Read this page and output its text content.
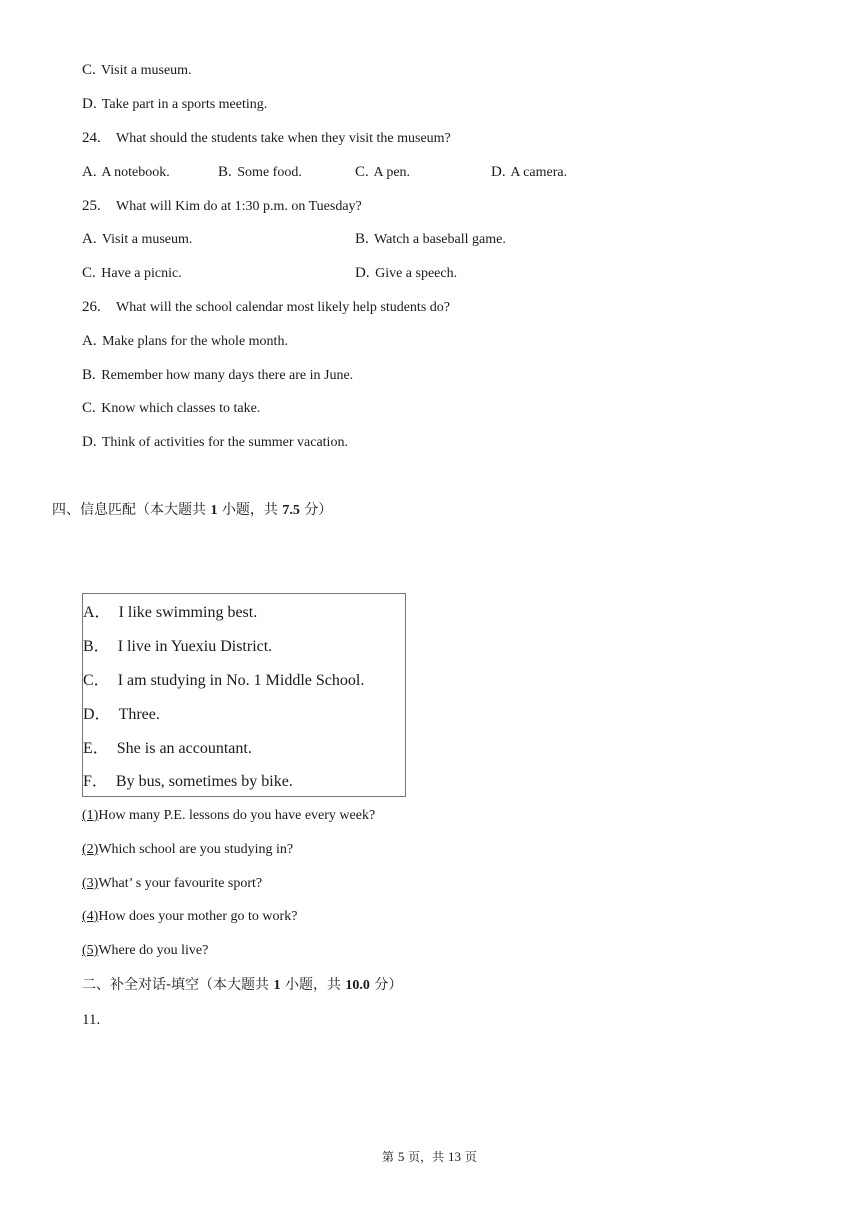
C. Visit a museum.
D. Take part in a sports meeting.
24. What should the students take when they visit the museum?
A. A notebook.	B. Some food.	C. A pen.	D. A camera.
25. What will Kim do at 1:30 p.m. on Tuesday?
A. Visit a museum.	B. Watch a baseball game.
C. Have a picnic.	D. Give a speech.
26. What will the school calendar most likely help students do?
A. Make plans for the whole month.
B. Remember how many days there are in June.
C. Know which classes to take.
D. Think of activities for the summer vacation.
四、信息匹配（本大题共 1 小题，共 7.5 分）
A． I like swimming best.
B． I live in Yuexiu District.
C． I am studying in No. 1 Middle School.
D． Three.
E． She is an accountant.
F． By bus, sometimes by bike.
(1)How many P.E. lessons do you have every week?
(2)Which school are you studying in?
(3)What’ s your favourite sport?
(4)How does your mother go to work?
(5)Where do you live?
二、补全对话-填空（本大题共 1 小题，共 10.0 分）
11.
第 5 页，共 13 页
